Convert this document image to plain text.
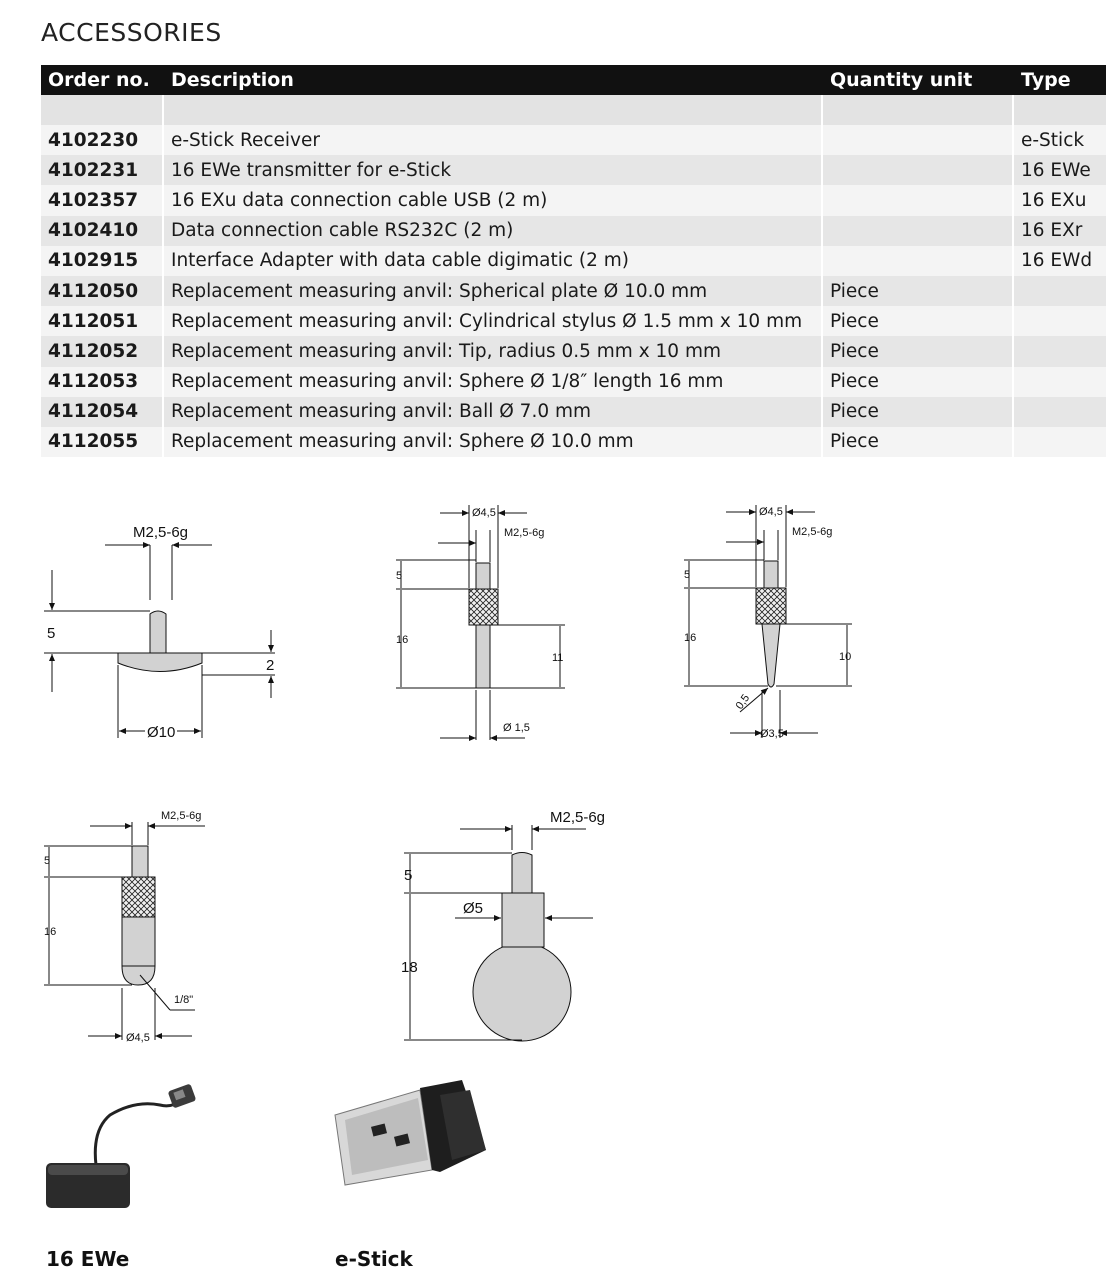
ACCESSORIES
Order no.	Description	Quantity unit	Type

4102230	e-Stick Receiver		e-Stick
4102231	16 EWe transmitter for e-Stick		16 EWe
4102357	16 EXu data connection cable USB (2 m)		16 EXu
4102410	Data connection cable RS232C (2 m)		16 EXr
4102915	Interface Adapter with data cable digimatic (2 m)		16 EWd
4112050	Replacement measuring anvil: Spherical plate Ø 10.0 mm	Piece	
4112051	Replacement measuring anvil: Cylindrical stylus Ø 1.5 mm x 10 mm	Piece	
4112052	Replacement measuring anvil: Tip, radius 0.5 mm x 10 mm	Piece	
4112053	Replacement measuring anvil: Sphere Ø 1/8″ length 16 mm	Piece	
4112054	Replacement measuring anvil: Ball Ø 7.0 mm	Piece	
4112055	Replacement measuring anvil: Sphere Ø 10.0 mm	Piece	
M2,5-6g
5
2
Ø10
Ø4,5
M2,5-6g
5
16
11
Ø 1,5
Ø4,5
M2,5-6g
5
16
10
0,5
Ø3,5
M2,5-6g
5
16
1/8"
Ø4,5
M2,5-6g
5
18
Ø5
16 EWe	e-Stick
